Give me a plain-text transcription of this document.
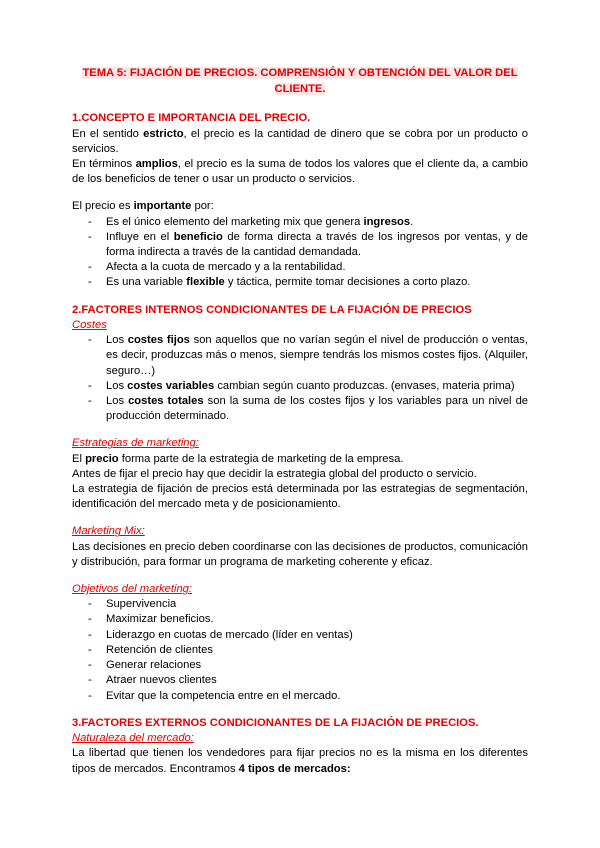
TEMA 5: FIJACIÓN DE PRECIOS. COMPRENSIÓN Y OBTENCIÓN DEL VALOR DEL CLIENTE.
1.CONCEPTO E IMPORTANCIA DEL PRECIO.

En el sentido estricto, el precio es la cantidad de dinero que se cobra por un producto o servicios.

En términos amplios, el precio es la suma de todos los valores que el cliente da, a cambio de los beneficios de tener o usar un producto o servicios.

El precio es importante por:

- Es el único elemento del marketing mix que genera ingresos.
- Influye en el beneficio de forma directa a través de los ingresos por ventas, y de forma indirecta a través de la cantidad demandada.
- Afecta a la cuota de mercado y a la rentabilidad.
- Es una variable flexible y táctica, permite tomar decisiones a corto plazo.
2.FACTORES INTERNOS CONDICIONANTES DE LA FIJACIÓN DE PRECIOS
Costes
- Los costes fijos son aquellos que no varían según el nivel de producción o ventas, es decir, produzcas más o menos, siempre tendrás los mismos costes fijos. (Alquiler, seguro…)
- Los costes variables cambian según cuanto produzcas. (envases, materia prima)
- Los costes totales son la suma de los costes fijos y los variables para un nivel de producción determinado.
Estrategias de marketing:

El precio forma parte de la estrategia de marketing de la empresa.

Antes de fijar el precio hay que decidir la estrategia global del producto o servicio.

La estrategia de fijación de precios está determinada por las estrategias de segmentación, identificación del mercado meta y de posicionamiento.

Marketing Mix:

Las decisiones en precio deben coordinarse con las decisiones de productos, comunicación y distribución, para formar un programa de marketing coherente y eficaz.

Objetivos del marketing:
- Supervivencia
- Maximizar beneficios.
- Liderazgo en cuotas de mercado (líder en ventas)
- Retención de clientes
- Generar relaciones
- Atraer nuevos clientes
- Evitar que la competencia entre en el mercado.
3.FACTORES EXTERNOS CONDICIONANTES DE LA FIJACIÓN DE PRECIOS.
Naturaleza del mercado:

La libertad que tienen los vendedores para fijar precios no es la misma en los diferentes tipos de mercados. Encontramos 4 tipos de mercados:
